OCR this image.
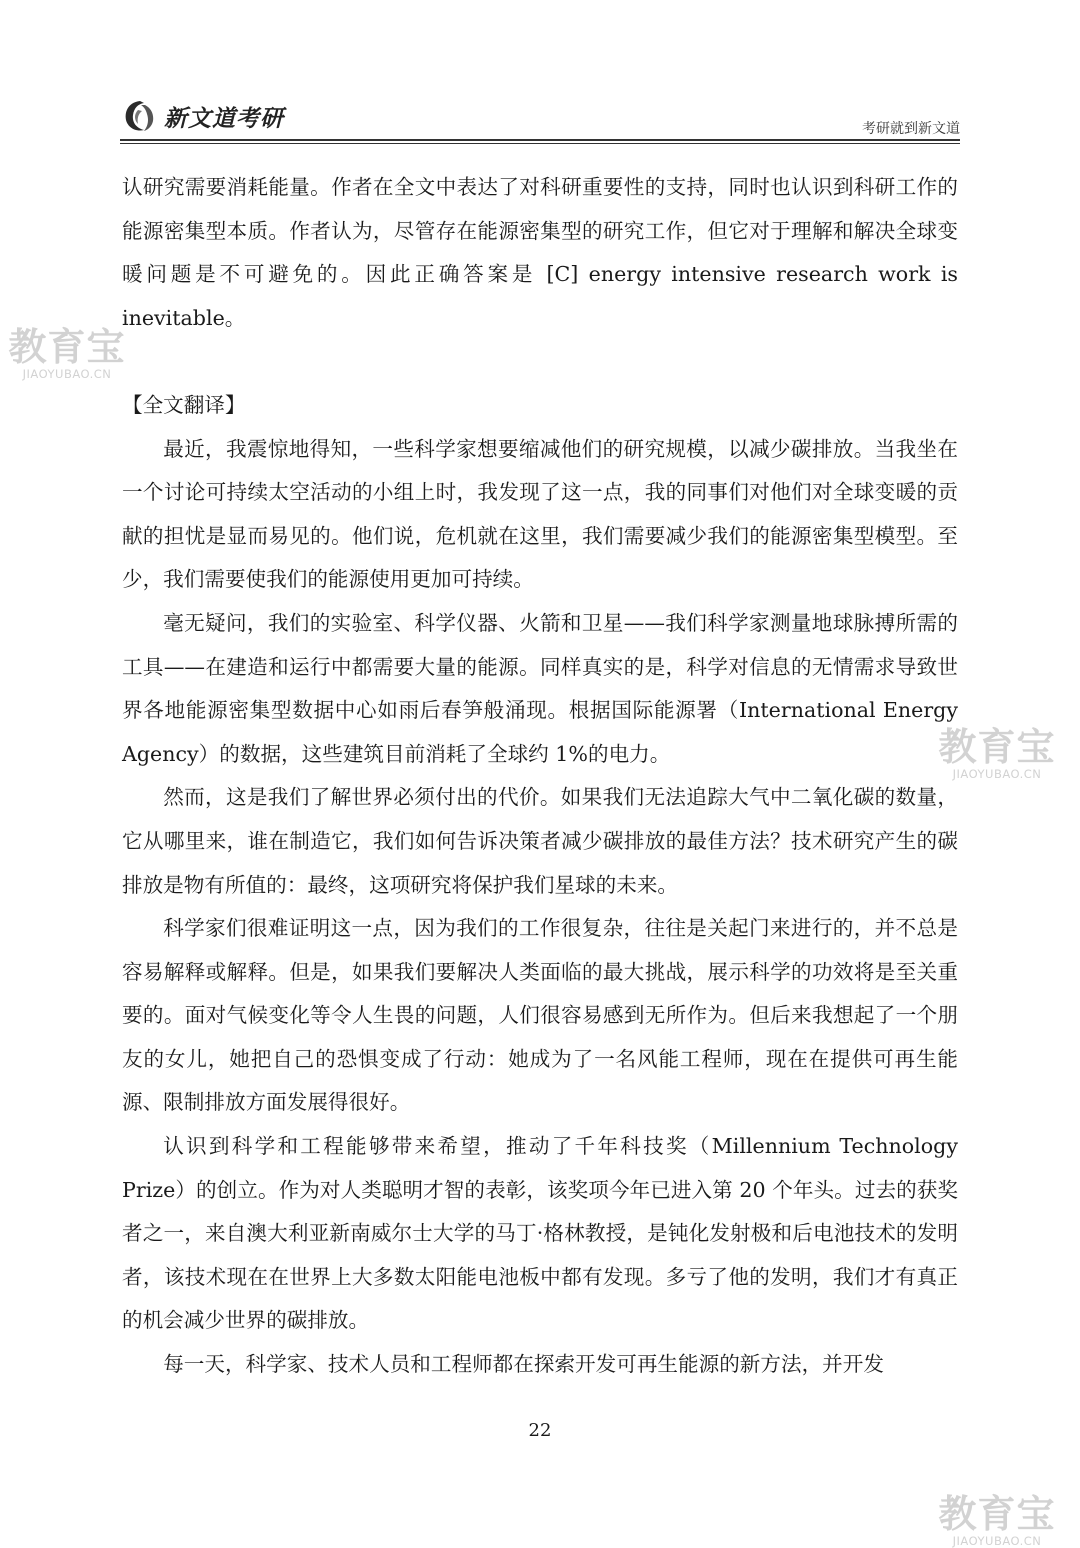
新文道考研	考研就到新文道

认研究需要消耗能量。作者在全文中表达了对科研重要性的支持，同时也认识到科研工作的能源密集型本质。作者认为，尽管存在能源密集型的研究工作，但它对于理解和解决全球变暖问题是不可避免的。因此正确答案是 [C] energy intensive research work is inevitable。

【全文翻译】

最近，我震惊地得知，一些科学家想要缩减他们的研究规模，以减少碳排放。当我坐在一个讨论可持续太空活动的小组上时，我发现了这一点，我的同事们对他们对全球变暖的贡献的担忧是显而易见的。他们说，危机就在这里，我们需要减少我们的能源密集型模型。至少，我们需要使我们的能源使用更加可持续。

毫无疑问，我们的实验室、科学仪器、火箭和卫星——我们科学家测量地球脉搏所需的工具——在建造和运行中都需要大量的能源。同样真实的是，科学对信息的无情需求导致世界各地能源密集型数据中心如雨后春笋般涌现。根据国际能源署（International Energy Agency）的数据，这些建筑目前消耗了全球约 1%的电力。

然而，这是我们了解世界必须付出的代价。如果我们无法追踪大气中二氧化碳的数量，它从哪里来，谁在制造它，我们如何告诉决策者减少碳排放的最佳方法？技术研究产生的碳排放是物有所值的：最终，这项研究将保护我们星球的未来。

科学家们很难证明这一点，因为我们的工作很复杂，往往是关起门来进行的，并不总是容易解释或解释。但是，如果我们要解决人类面临的最大挑战，展示科学的功效将是至关重要的。面对气候变化等令人生畏的问题，人们很容易感到无所作为。但后来我想起了一个朋友的女儿，她把自己的恐惧变成了行动：她成为了一名风能工程师，现在在提供可再生能源、限制排放方面发展得很好。

认识到科学和工程能够带来希望，推动了千年科技奖（Millennium Technology Prize）的创立。作为对人类聪明才智的表彰，该奖项今年已进入第 20 个年头。过去的获奖者之一，来自澳大利亚新南威尔士大学的马丁·格林教授，是钝化发射极和后电池技术的发明者，该技术现在在世界上大多数太阳能电池板中都有发现。多亏了他的发明，我们才有真正的机会减少世界的碳排放。

每一天，科学家、技术人员和工程师都在探索开发可再生能源的新方法，并开发

22
教育宝
JIAOYUBAO.CN
教育宝
JIAOYUBAO.CN
教育宝
JIAOYUBAO.CN
